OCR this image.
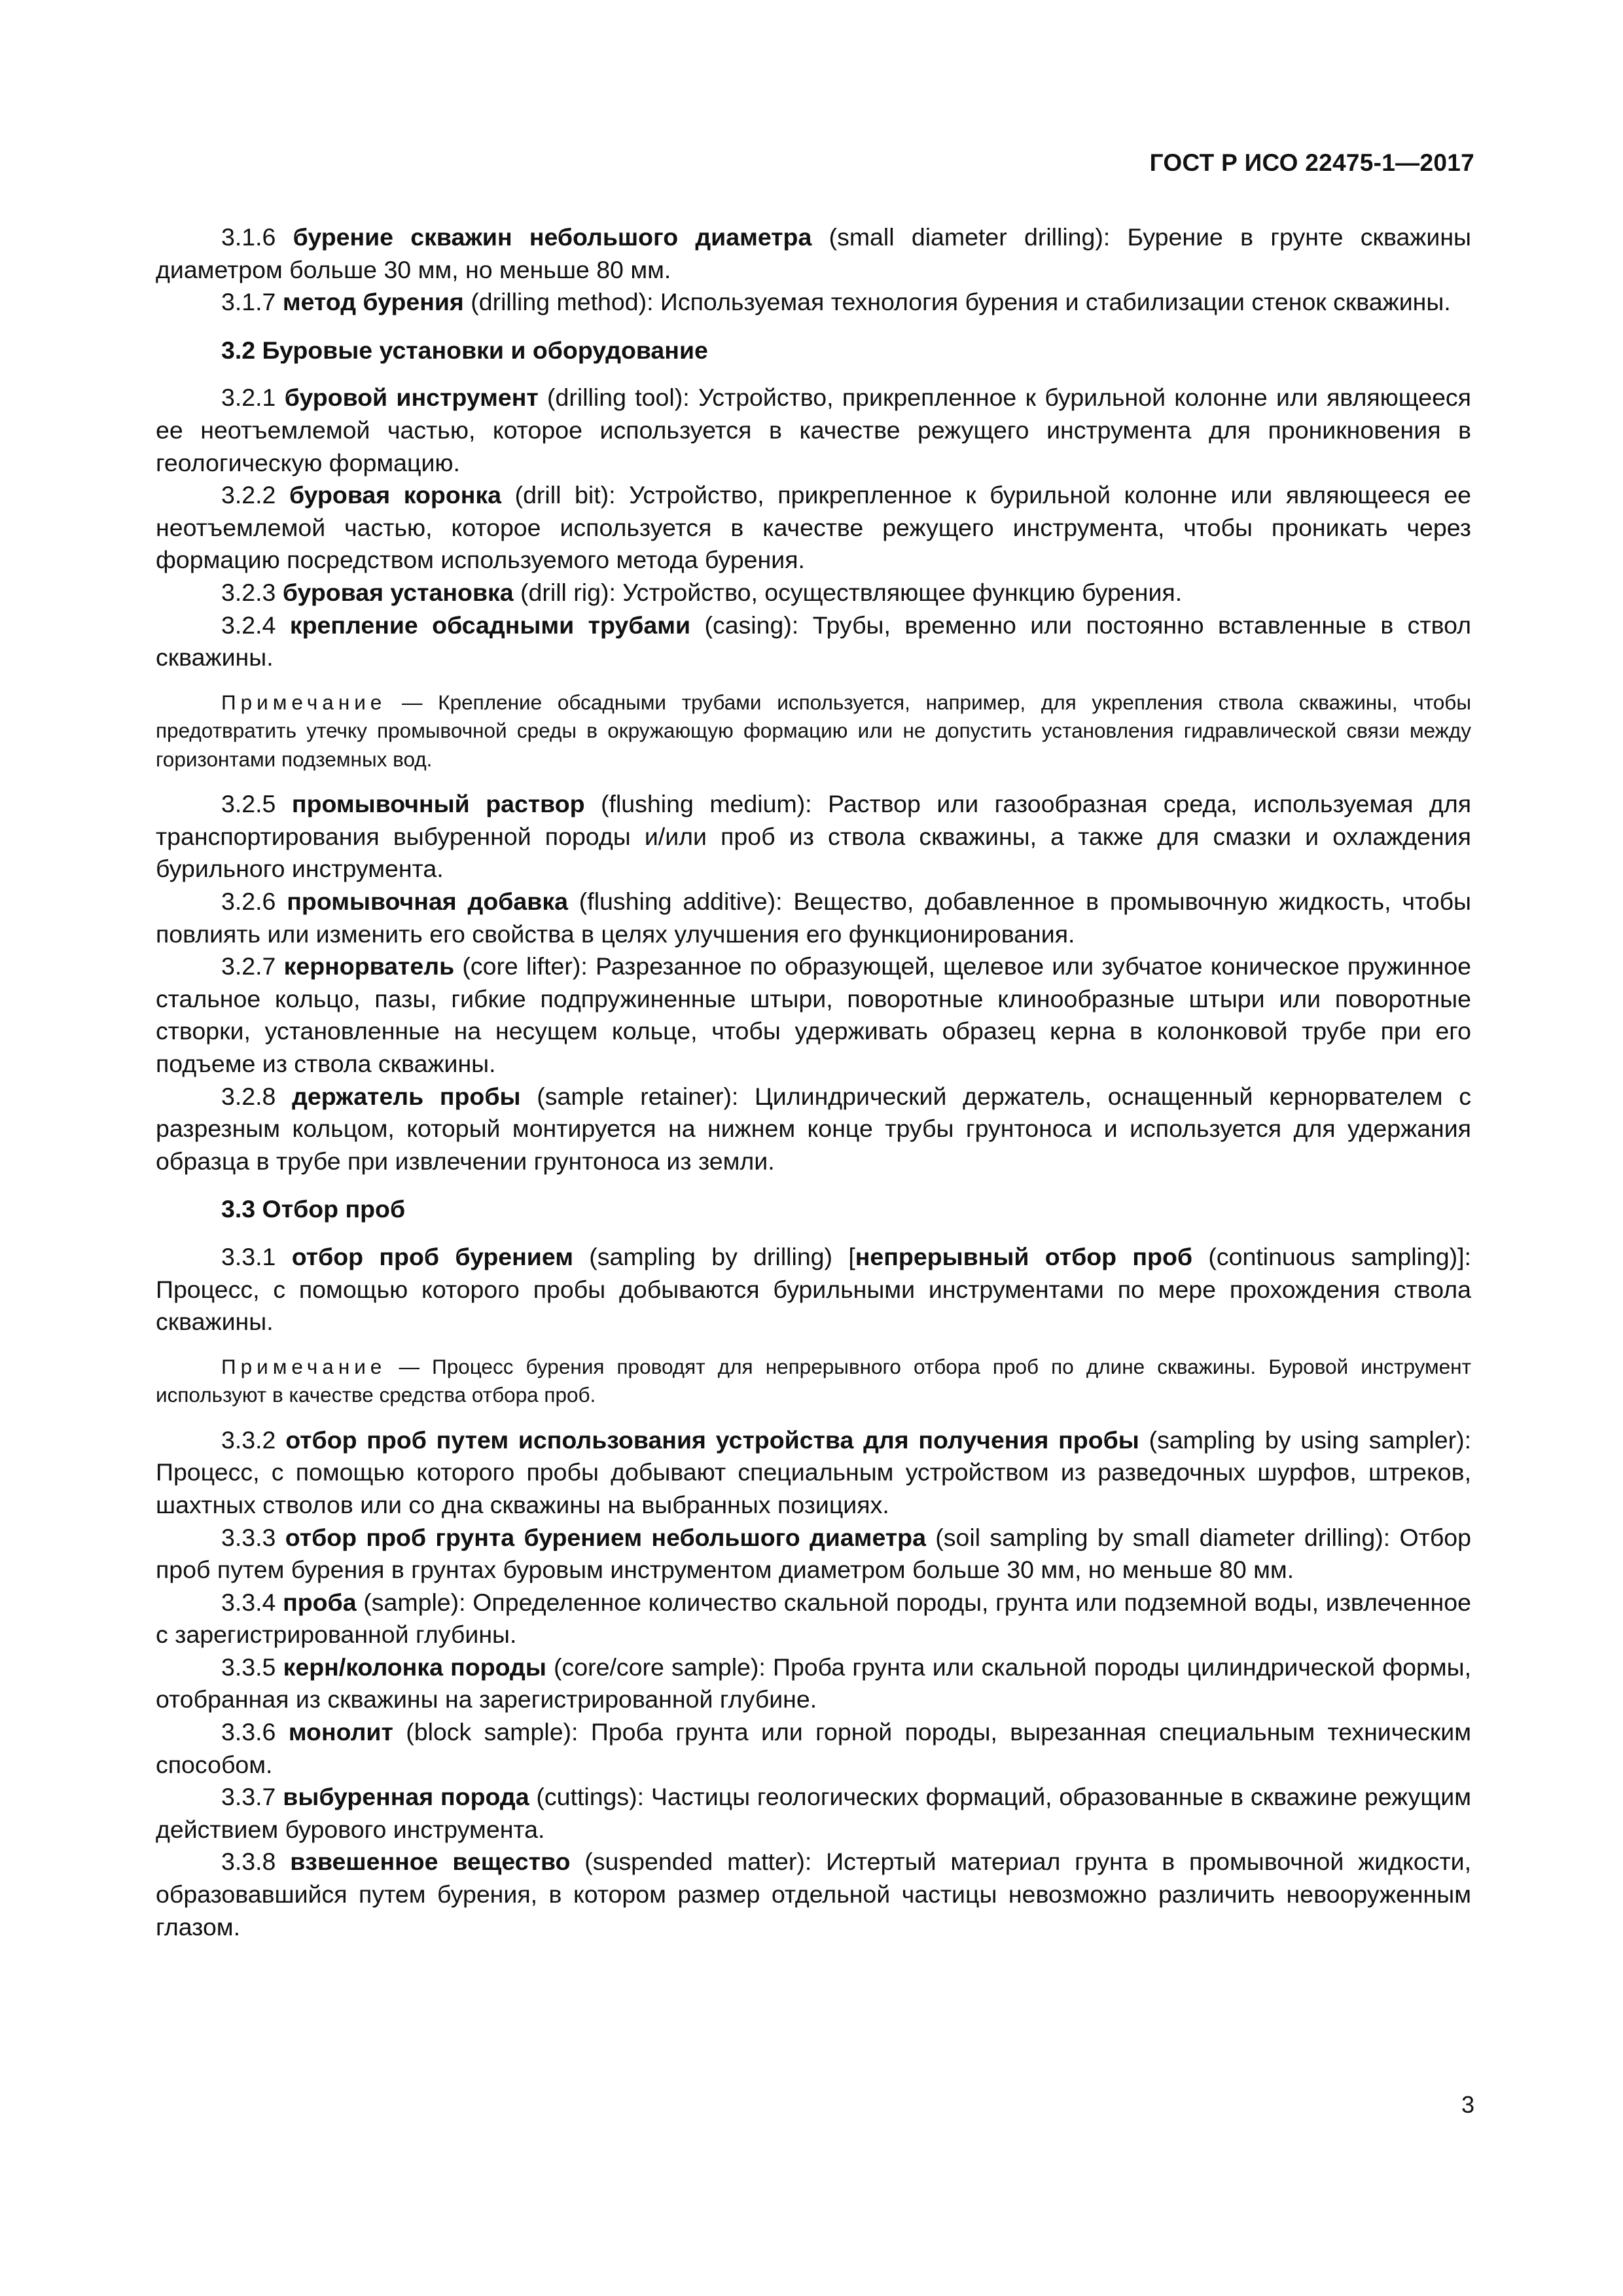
ГОСТ Р ИСО 22475-1—2017

3.1.6 бурение скважин небольшого диаметра (small diameter drilling): Бурение в грунте скважины диаметром больше 30 мм, но меньше 80 мм.

3.1.7 метод бурения (drilling method): Используемая технология бурения и стабилизации стенок скважины.

3.2 Буровые установки и оборудование

3.2.1 буровой инструмент (drilling tool): Устройство, прикрепленное к бурильной колонне или являющееся ее неотъемлемой частью, которое используется в качестве режущего инструмента для проникновения в геологическую формацию.

3.2.2 буровая коронка (drill bit): Устройство, прикрепленное к бурильной колонне или являющееся ее неотъемлемой частью, которое используется в качестве режущего инструмента, чтобы проникать через формацию посредством используемого метода бурения.

3.2.3 буровая установка (drill rig): Устройство, осуществляющее функцию бурения.

3.2.4 крепление обсадными трубами (casing): Трубы, временно или постоянно вставленные в ствол скважины.

Примечание — Крепление обсадными трубами используется, например, для укрепления ствола скважины, чтобы предотвратить утечку промывочной среды в окружающую формацию или не допустить установления гидравлической связи между горизонтами подземных вод.

3.2.5 промывочный раствор (flushing medium): Раствор или газообразная среда, используемая для транспортирования выбуренной породы и/или проб из ствола скважины, а также для смазки и охлаждения бурильного инструмента.

3.2.6 промывочная добавка (flushing additive): Вещество, добавленное в промывочную жидкость, чтобы повлиять или изменить его свойства в целях улучшения его функционирования.

3.2.7 кернорватель (core lifter): Разрезанное по образующей, щелевое или зубчатое коническое пружинное стальное кольцо, пазы, гибкие подпружиненные штыри, поворотные клинообразные штыри или поворотные створки, установленные на несущем кольце, чтобы удерживать образец керна в колонковой трубе при его подъеме из ствола скважины.

3.2.8 держатель пробы (sample retainer): Цилиндрический держатель, оснащенный кернорвателем с разрезным кольцом, который монтируется на нижнем конце трубы грунтоноса и используется для удержания образца в трубе при извлечении грунтоноса из земли.

3.3 Отбор проб

3.3.1 отбор проб бурением (sampling by drilling) [непрерывный отбор проб (continuous sampling)]: Процесс, с помощью которого пробы добываются бурильными инструментами по мере прохождения ствола скважины.

Примечание — Процесс бурения проводят для непрерывного отбора проб по длине скважины. Буровой инструмент используют в качестве средства отбора проб.

3.3.2 отбор проб путем использования устройства для получения пробы (sampling by using sampler): Процесс, с помощью которого пробы добывают специальным устройством из разведочных шурфов, штреков, шахтных стволов или со дна скважины на выбранных позициях.

3.3.3 отбор проб грунта бурением небольшого диаметра (soil sampling by small diameter drilling): Отбор проб путем бурения в грунтах буровым инструментом диаметром больше 30 мм, но меньше 80 мм.

3.3.4 проба (sample): Определенное количество скальной породы, грунта или подземной воды, извлеченное с зарегистрированной глубины.

3.3.5 керн/колонка породы (core/core sample): Проба грунта или скальной породы цилиндрической формы, отобранная из скважины на зарегистрированной глубине.

3.3.6 монолит (block sample): Проба грунта или горной породы, вырезанная специальным техническим способом.

3.3.7 выбуренная порода (cuttings): Частицы геологических формаций, образованные в скважине режущим действием бурового инструмента.

3.3.8 взвешенное вещество (suspended matter): Истертый материал грунта в промывочной жидкости, образовавшийся путем бурения, в котором размер отдельной частицы невозможно различить невооруженным глазом.

3
